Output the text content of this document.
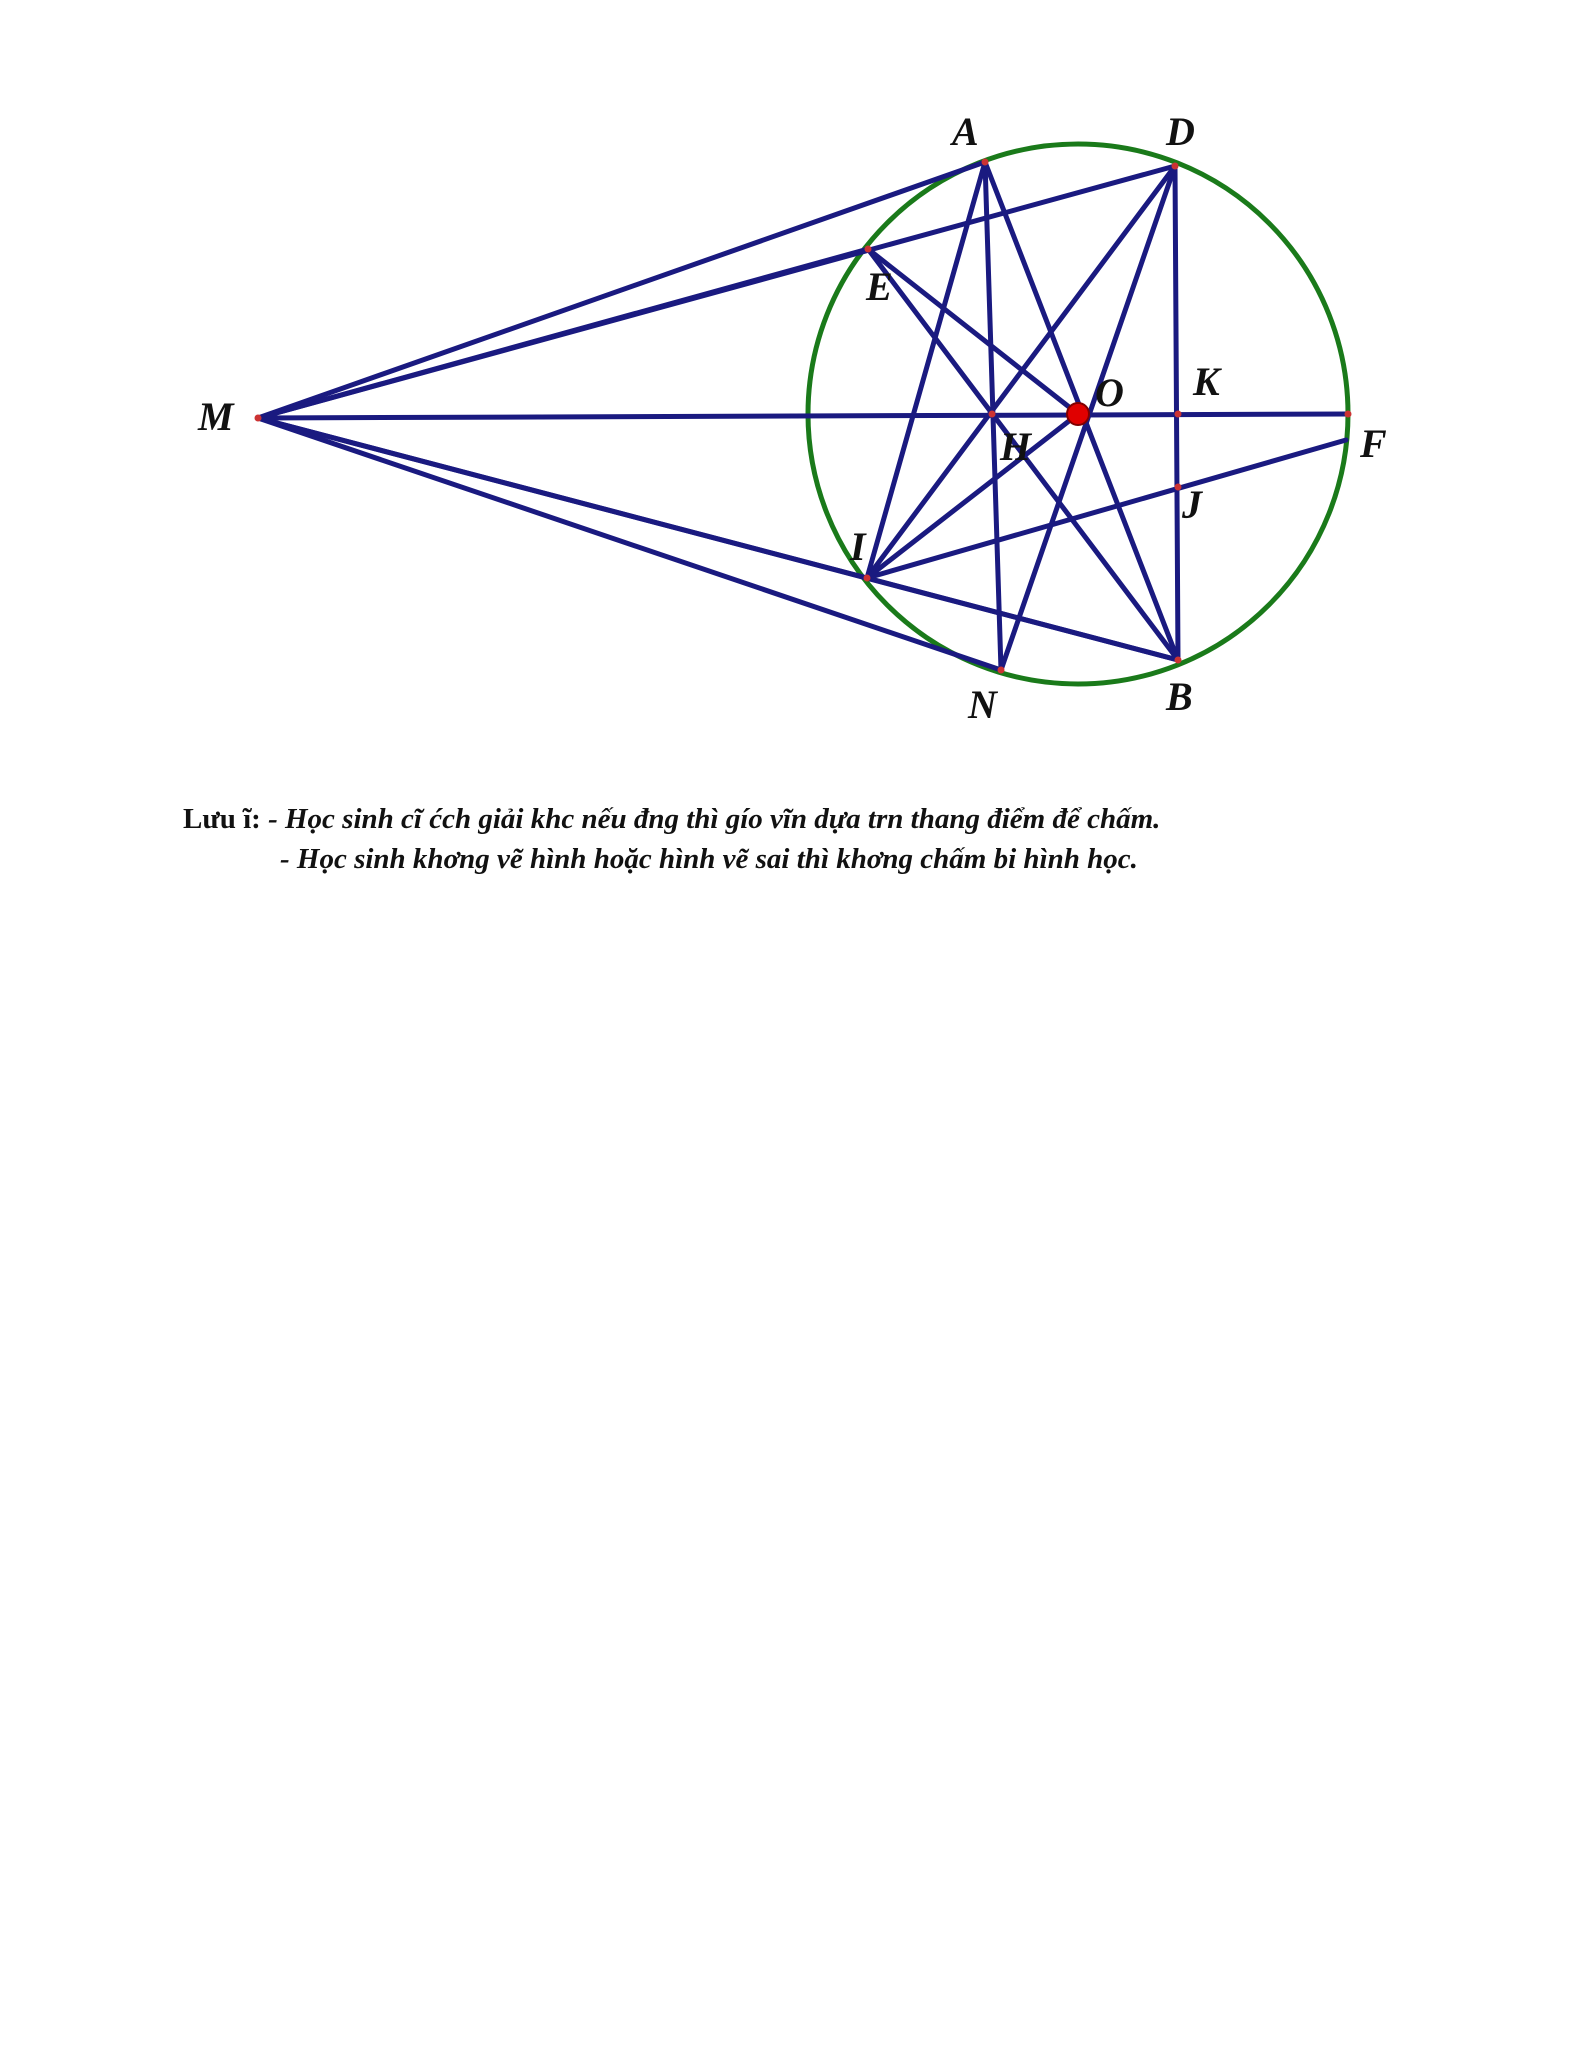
A	D
E
M
O K
H	F
J
I
N	B
Lưu ĩ: - Học sinh cĩ ćch giải khc nếu đng thì gío vĩn dựa trn thang điểm để chấm.
- Học sinh khơng vẽ hình hoặc hình vẽ sai thì khơng chấm bi hình học.
